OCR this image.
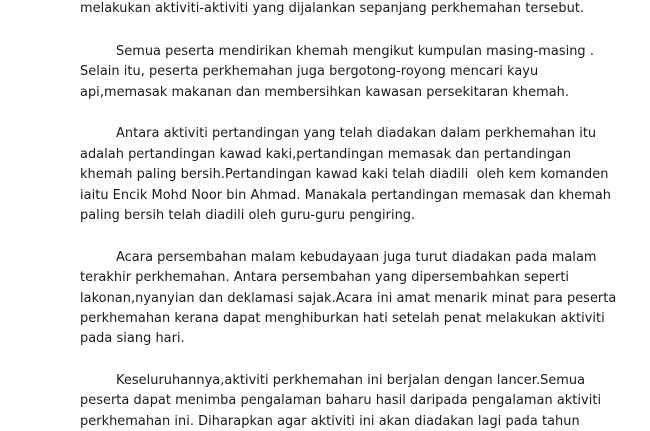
melakukan aktiviti-aktiviti yang dijalankan sepanjang perkhemahan tersebut.
Semua peserta mendirikan khemah mengikut kumpulan masing-masing .
Selain itu, peserta perkhemahan juga bergotong-royong mencari kayu
api,memasak makanan dan membersihkan kawasan persekitaran khemah.
Antara aktiviti pertandingan yang telah diadakan dalam perkhemahan itu
adalah pertandingan kawad kaki,pertandingan memasak dan pertandingan
khemah paling bersih.Pertandingan kawad kaki telah diadili  oleh kem komanden
iaitu Encik Mohd Noor bin Ahmad. Manakala pertandingan memasak dan khemah
paling bersih telah diadili oleh guru-guru pengiring.
Acara persembahan malam kebudayaan juga turut diadakan pada malam
terakhir perkhemahan. Antara persembahan yang dipersembahkan seperti
lakonan,nyanyian dan deklamasi sajak.Acara ini amat menarik minat para peserta
perkhemahan kerana dapat menghiburkan hati setelah penat melakukan aktiviti
pada siang hari.
Keseluruhannya,aktiviti perkhemahan ini berjalan dengan lancer.Semua
peserta dapat menimba pengalaman baharu hasil daripada pengalaman aktiviti
perkhemahan ini. Diharapkan agar aktiviti ini akan diadakan lagi pada tahun
